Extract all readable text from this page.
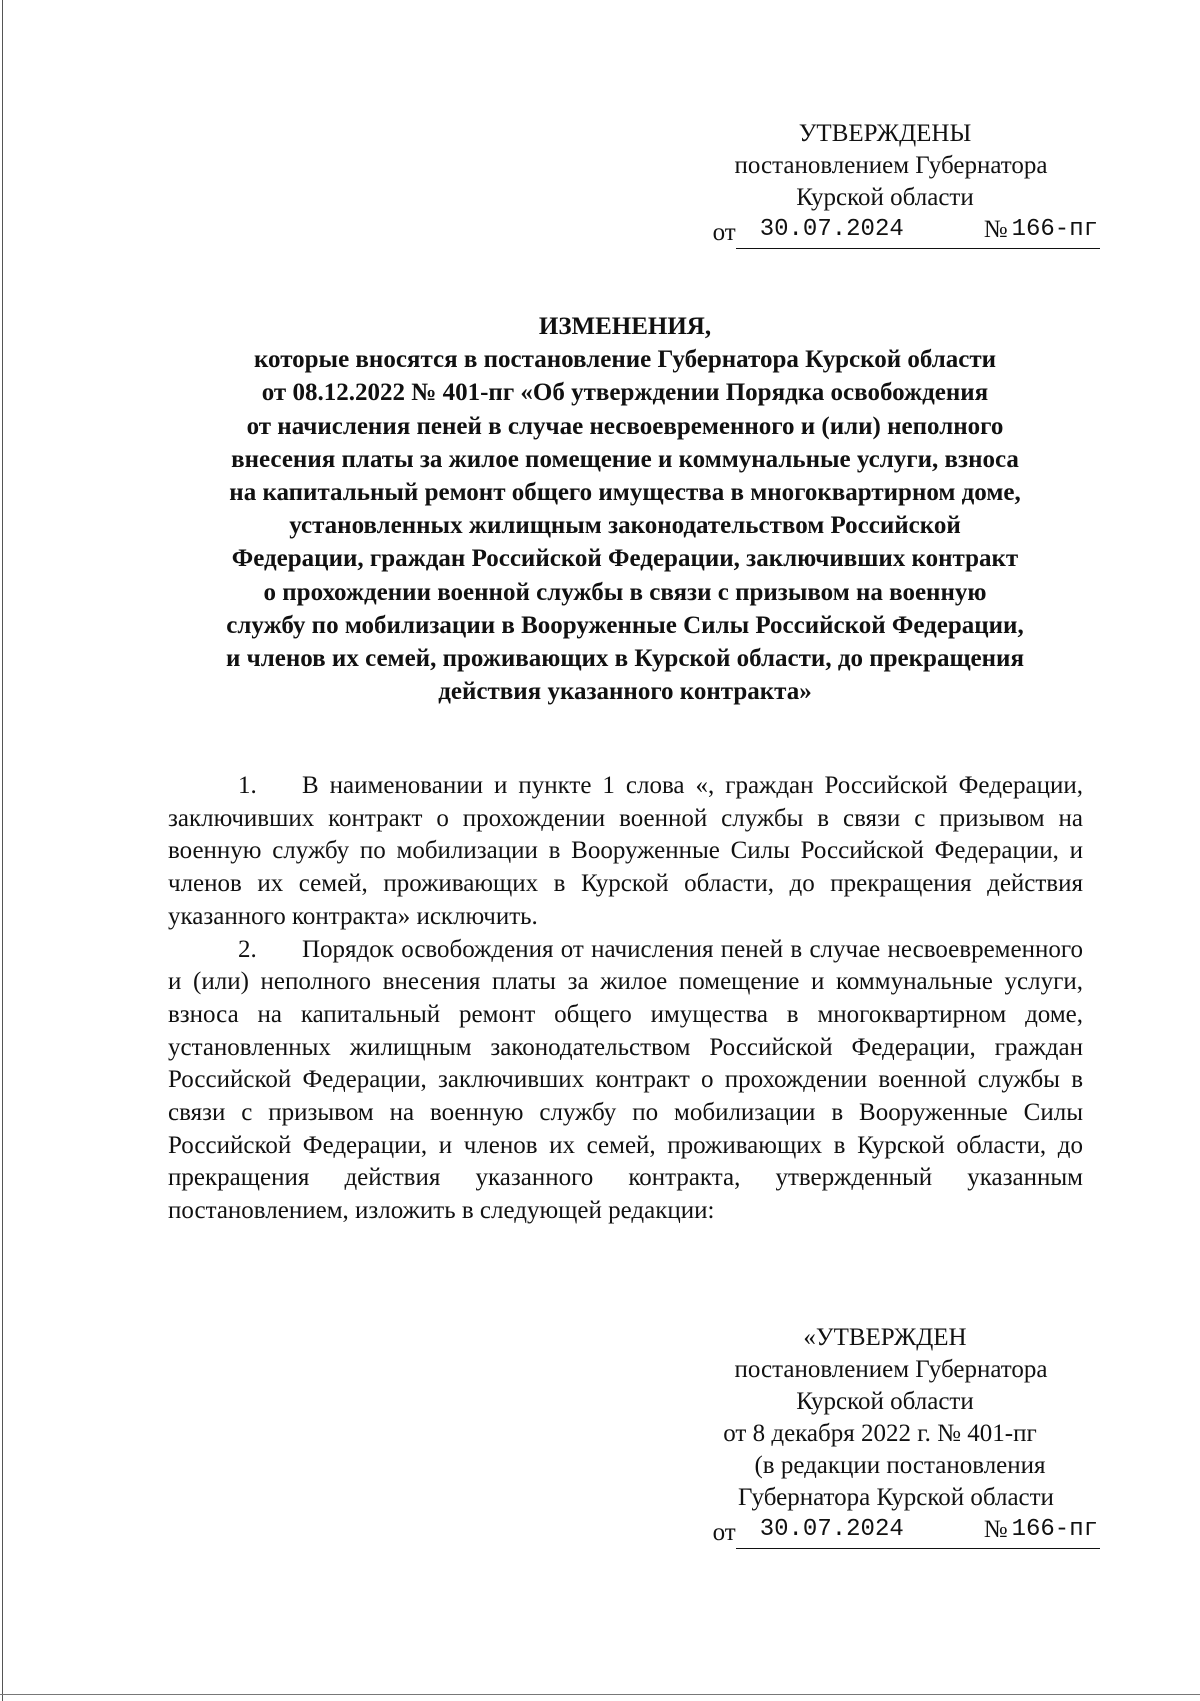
УТВЕРЖДЕНЫ
постановлением Губернатора
Курской области
от	30.07.2024	№ 166-пг
ИЗМЕНЕНИЯ,
которые вносятся в постановление Губернатора Курской области
от 08.12.2022 № 401-пг «Об утверждении Порядка освобождения
от начисления пеней в случае несвоевременного и (или) неполного
внесения платы за жилое помещение и коммунальные услуги, взноса
на капитальный ремонт общего имущества в многоквартирном доме,
установленных жилищным законодательством Российской
Федерации, граждан Российской Федерации, заключивших контракт
о прохождении военной службы в связи с призывом на военную
службу по мобилизации в Вооруженные Силы Российской Федерации,
и членов их семей, проживающих в Курской области, до прекращения
действия указанного контракта»

1. В наименовании и пункте 1 слова «, граждан Российской Федерации, заключивших контракт о прохождении военной службы в связи с призывом на военную службу по мобилизации в Вооруженные Силы Российской Федерации, и членов их семей, проживающих в Курской области, до прекращения действия указанного контракта» исключить.

2. Порядок освобождения от начисления пеней в случае несвоевременного и (или) неполного внесения платы за жилое помещение и коммунальные услуги, взноса на капитальный ремонт общего имущества в многоквартирном доме, установленных жилищным законодательством Российской Федерации, граждан Российской Федерации, заключивших контракт о прохождении военной службы в связи с призывом на военную службу по мобилизации в Вооруженные Силы Российской Федерации, и членов их семей, проживающих в Курской области, до прекращения действия указанного контракта, утвержденный указанным постановлением, изложить в следующей редакции:

«УТВЕРЖДЕН
постановлением Губернатора
Курской области
от 8 декабря 2022 г. № 401-пг
(в редакции постановления
Губернатора Курской области
от	30.07.2024	№ 166-пг
